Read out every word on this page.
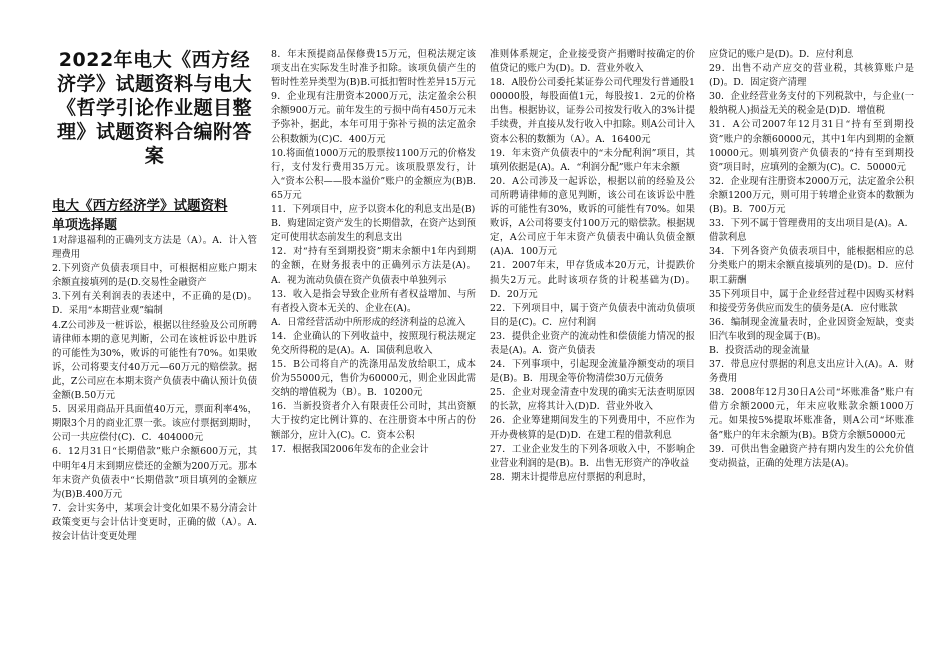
2022年电大《西方经济学》试题资料与电大《哲学引论作业题目整理》试题资料合编附答案
电大《西方经济学》试题资料
单项选择题

1对辞退福利的正确列支方法是（A）。A．计入管理费用

2.下列资产负债表项目中，可根据相应账户期末余额直接填列的是(D.交易性金融资产

3.下列有关利润表的表述中，不正确的是(D)。D．采用“本期营业观”编制

4.Z公司涉及一桩诉讼，根据以往经验及公司所聘请律师本期的意见判断，公司在该桩诉讼中胜诉的可能性为30%，败诉的可能性有70%。如果败诉，公司将要支付40万元—60万元的赔偿款。据此，Z公司应在本期末资产负债表中确认预计负债金额(B.50万元

5．因采用商品开具面值40万元，票面利率4%，期限3个月的商业汇票一张。该应付票据到期时，公司一共应偿付(C)．C．404000元

6．12月31日“长期借款”账户余额600万元，其中明年4月末到期应偿还的金额为200万元。那本年末资产负债表中“长期借款”项目填列的金额应为(B)B.400万元

7．会计实务中，某项会计变化如果不易分清会计政策变更与会计估计变更时，正确的做（A）。A.按会计估计变更处理

8．年末预提商品保修费15万元，但税法规定该项支出在实际发生时准予扣除。该项负债产生的暂时性差异类型为(B)B.可抵扣暂时性差异15万元

9．企业现有注册资本2000万元，法定盈余公积余额900万元。前年发生的亏损中尚有450万元未予弥补，据此，本年可用于弥补亏损的法定盈余公积数额为(C)C．400万元

10.将面值1000万元的股票按1100万元的价格发行，支付发行费用35万元。该项股票发行，计入“资本公积——股本溢价”账户的金额应为(B)B.65万元

11．下列项目中，应予以资本化的利息支出是(B)

B．购建固定资产发生的长期借款，在资产达到预定可使用状态前发生的利息支出

12．对“持有至到期投资”期末余额中1年内到期的金额，在财务报表中的正确列示方法是(A)。A．视为流动负债在资产负债表中单独列示

13．收入是指会导致企业所有者权益增加、与所有者投入资本无关的、企业在(A)。

A．日常经营活动中所形成的经济利益的总流入

14．企业确认的下列收益中，按照现行税法规定免交所得税的是(A)。A．国债利息收入

15．B公司将自产的洗涤用品发放给职工，成本价为55000元，售价为60000元，则企业因此需交纳的增值税为（B）。B．10200元

16．当新投资者介入有限责任公司时，其出资额大于按约定比例计算的、在注册资本中所占的份额部分，应计入(C)。C．资本公积

17．根据我国2006年发布的企业会计

准则体系规定，企业接受资产捐赠时按确定的价值贷记的账户为(D)。D．营业外收入

18．A股份公司委托某证券公司代理发行普通股100000股，每股面值1元，每股按1．2元的价格出售。根据协议，证券公司按发行收入的3%计提手续费，并直接从发行收入中扣除。则A公司计入资本公积的数额为（A）。A．16400元

19．年末资产负债表中的“未分配利润”项目，其填列依据是(A)。A．“利润分配”账户年末余额

20．A公司涉及一起诉讼，根据以前的经验及公司所聘请律师的意见判断，该公司在该诉讼中胜诉的可能性有30%，败诉的可能性有70%。如果败诉，A公司将要支付100万元的赔偿款。根据规定，A公司应于年末资产负债表中确认负债金额(A)A．100万元

21．2007年末，甲存货成本20万元，计提跌价损失2万元。此时该项存货的计税基础为(D)。D．20万元

22．下列项目中，属于资产负债表中流动负债项目的是(C)。C．应付利润

23．提供企业资产的流动性和偿债能力情况的报表是(A)。A．资产负债表

24．下列事项中，引起现金流量净额变动的项目是(B)。B．用现金等价物清偿30万元债务

25．企业对现金清查中发现的确实无法查明原因的长款，应将其计入(D)D．营业外收入

26．企业筹建期间发生的下列费用中，不应作为开办费核算的是(D)D．在建工程的借款利息

27．工业企业发生的下列各项收入中，不影响企业营业利润的是(B)。B．出售无形资产的净收益

28．期末计提带息应付票据的利息时，

应贷记的账户是(D)。D．应付利息

29．出售不动产应交的营业税，其核算账户是(D)。D．固定资产清理

30．企业经营业务支付的下列税款中，与企业(一般纳税人)损益无关的税金是(D)D．增值税

31．A公司2007年12月31日“持有至到期投资”账户的余额60000元，其中1年内到期的金额10000元。则填列资产负债表的“持有至到期投资”项目时，应填列的金额为(C)。C．50000元

32．企业现有注册资本2000万元，法定盈余公积余额1200万元，则可用于转增企业资本的数额为(B)。B．700万元

33．下列不属于管理费用的支出项目是(A)。A．借款利息

34．下列各资产负债表项目中，能根据相应的总分类账户的期末余额直接填列的是(D)。D．应付职工薪酬

35下列项目中，属于企业经营过程中因购买材料和接受劳务供应而发生的债务是(A．应付账款

36．编制现金流量表时，企业因资金短缺，变卖旧汽车收到的现金属于(B)。

B．投资活动的现金流量

37．带息应付票据的利息支出应计入(A)。A．财务费用

38．2008年12月30日A公司“坏账准备”账户有借方余额2000元，年末应收账款余额1000万元。如果按5%提取坏账准备，则A公司“坏账准备”账户的年末余额为(B)。B贷方余额50000元

39．可供出售金融资产持有期内发生的公允价值变动损益，正确的处理方法是(A)。
